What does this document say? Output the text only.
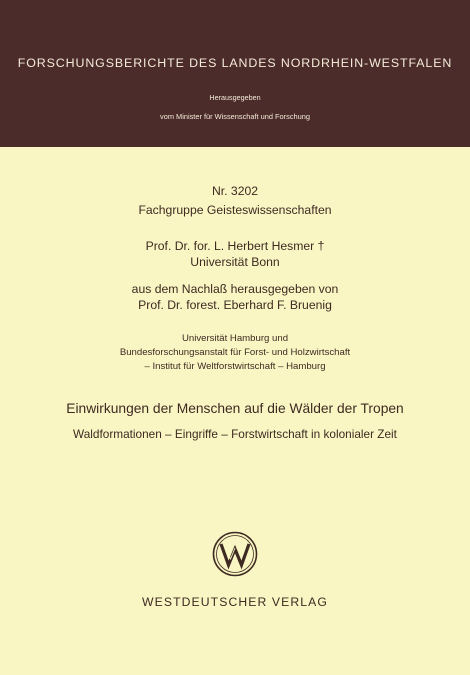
FORSCHUNGSBERICHTE DES LANDES NORDRHEIN-WESTFALEN
Herausgegeben
vom Minister für Wissenschaft und Forschung
Nr. 3202
Fachgruppe Geisteswissenschaften
Prof. Dr. for. L. Herbert Hesmer †
Universität Bonn
aus dem Nachlaß herausgegeben von
Prof. Dr. forest. Eberhard F. Bruenig
Universität Hamburg und
Bundesforschungsanstalt für Forst- und Holzwirtschaft
– Institut für Weltforstwirtschaft – Hamburg
Einwirkungen der Menschen auf die Wälder der Tropen
Waldformationen – Eingriffe – Forstwirtschaft in kolonialer Zeit
WESTDEUTSCHER VERLAG
